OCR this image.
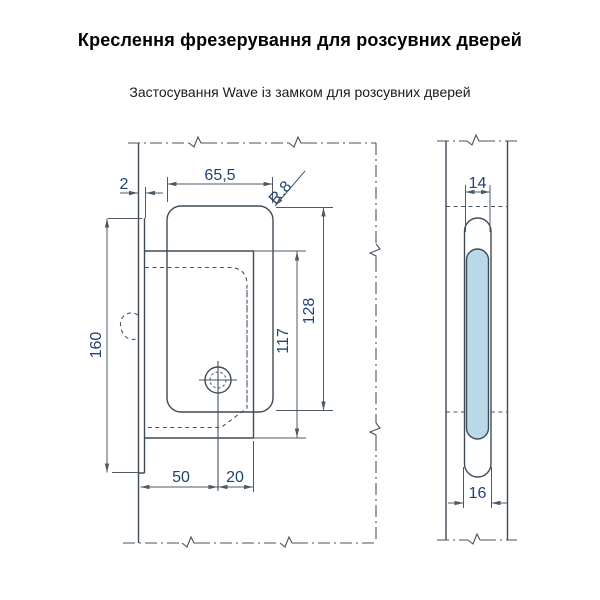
Креслення фрезерування для розсувних дверей
Застосування Wave із замком для розсувних дверей
2
65,5
R.8
160	117
128
50 20
14
16
